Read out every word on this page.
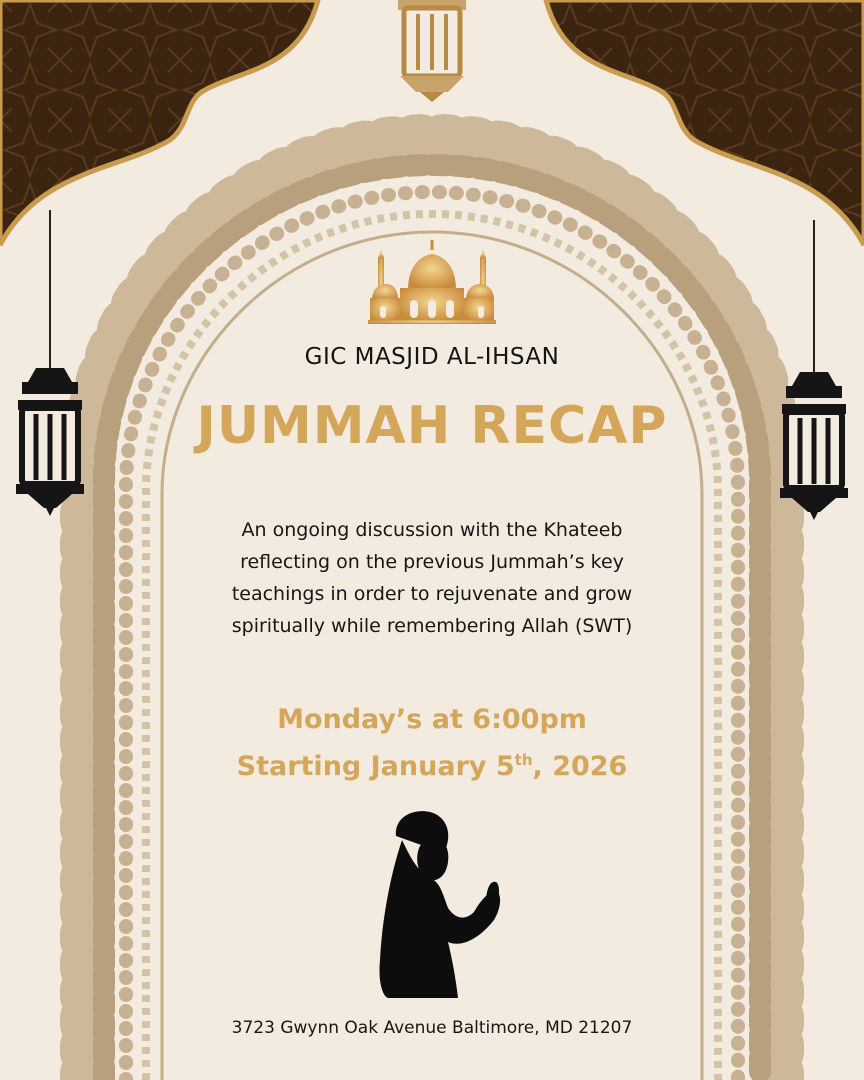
GIC MASJID AL-IHSAN
JUMMAH RECAP
An ongoing discussion with the Khateeb reflecting on the previous Jummah’s key teachings in order to rejuvenate and grow spiritually while remembering Allah (SWT)
Monday’s at 6:00pm
Starting January 5th, 2026
3723 Gwynn Oak Avenue Baltimore, MD 21207
